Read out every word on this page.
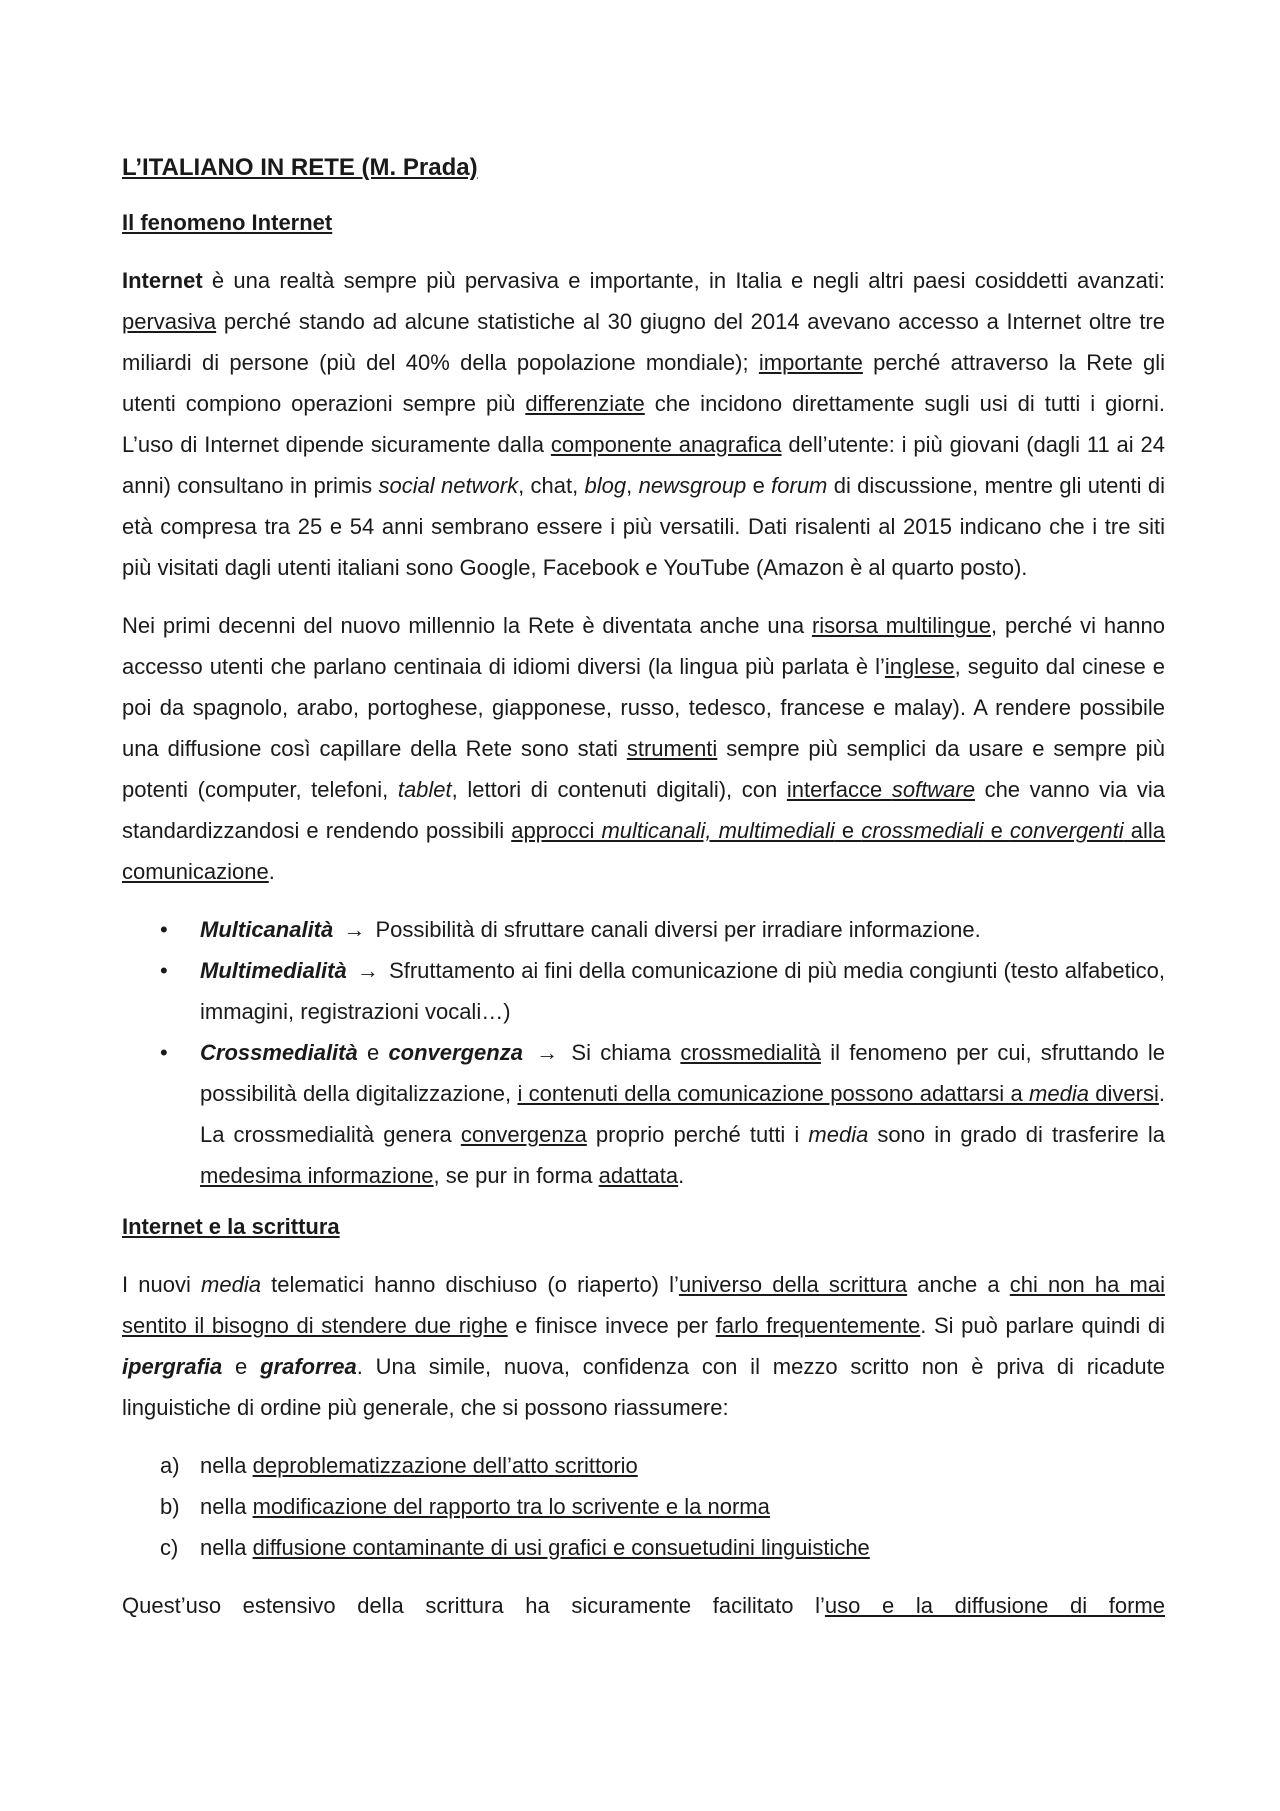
L’ITALIANO IN RETE (M. Prada)
Il fenomeno Internet

Internet è una realtà sempre più pervasiva e importante, in Italia e negli altri paesi cosiddetti avanzati: pervasiva perché stando ad alcune statistiche al 30 giugno del 2014 avevano accesso a Internet oltre tre miliardi di persone (più del 40% della popolazione mondiale); importante perché attraverso la Rete gli utenti compiono operazioni sempre più differenziate che incidono direttamente sugli usi di tutti i giorni. L’uso di Internet dipende sicuramente dalla componente anagrafica dell’utente: i più giovani (dagli 11 ai 24 anni) consultano in primis social network, chat, blog, newsgroup e forum di discussione, mentre gli utenti di età compresa tra 25 e 54 anni sembrano essere i più versatili. Dati risalenti al 2015 indicano che i tre siti più visitati dagli utenti italiani sono Google, Facebook e YouTube (Amazon è al quarto posto).

Nei primi decenni del nuovo millennio la Rete è diventata anche una risorsa multilingue, perché vi hanno accesso utenti che parlano centinaia di idiomi diversi (la lingua più parlata è l’inglese, seguito dal cinese e poi da spagnolo, arabo, portoghese, giapponese, russo, tedesco, francese e malay). A rendere possibile una diffusione così capillare della Rete sono stati strumenti sempre più semplici da usare e sempre più potenti (computer, telefoni, tablet, lettori di contenuti digitali), con interfacce software che vanno via via standardizzandosi e rendendo possibili approcci multicanali, multimediali e crossmediali e convergenti alla comunicazione.

• Multicanalità → Possibilità di sfruttare canali diversi per irradiare informazione.
• Multimedialità → Sfruttamento ai fini della comunicazione di più media congiunti (testo alfabetico, immagini, registrazioni vocali…)
• Crossmedialità e convergenza → Si chiama crossmedialità il fenomeno per cui, sfruttando le possibilità della digitalizzazione, i contenuti della comunicazione possono adattarsi a media diversi. La crossmedialità genera convergenza proprio perché tutti i media sono in grado di trasferire la medesima informazione, se pur in forma adattata.
Internet e la scrittura

I nuovi media telematici hanno dischiuso (o riaperto) l’universo della scrittura anche a chi non ha mai sentito il bisogno di stendere due righe e finisce invece per farlo frequentemente. Si può parlare quindi di ipergrafia e graforrea. Una simile, nuova, confidenza con il mezzo scritto non è priva di ricadute linguistiche di ordine più generale, che si possono riassumere:

a) nella deproblematizzazione dell’atto scrittorio
b) nella modificazione del rapporto tra lo scrivente e la norma
c) nella diffusione contaminante di usi grafici e consuetudini linguistiche

Quest’uso estensivo della scrittura ha sicuramente facilitato l’uso e la diffusione di forme
